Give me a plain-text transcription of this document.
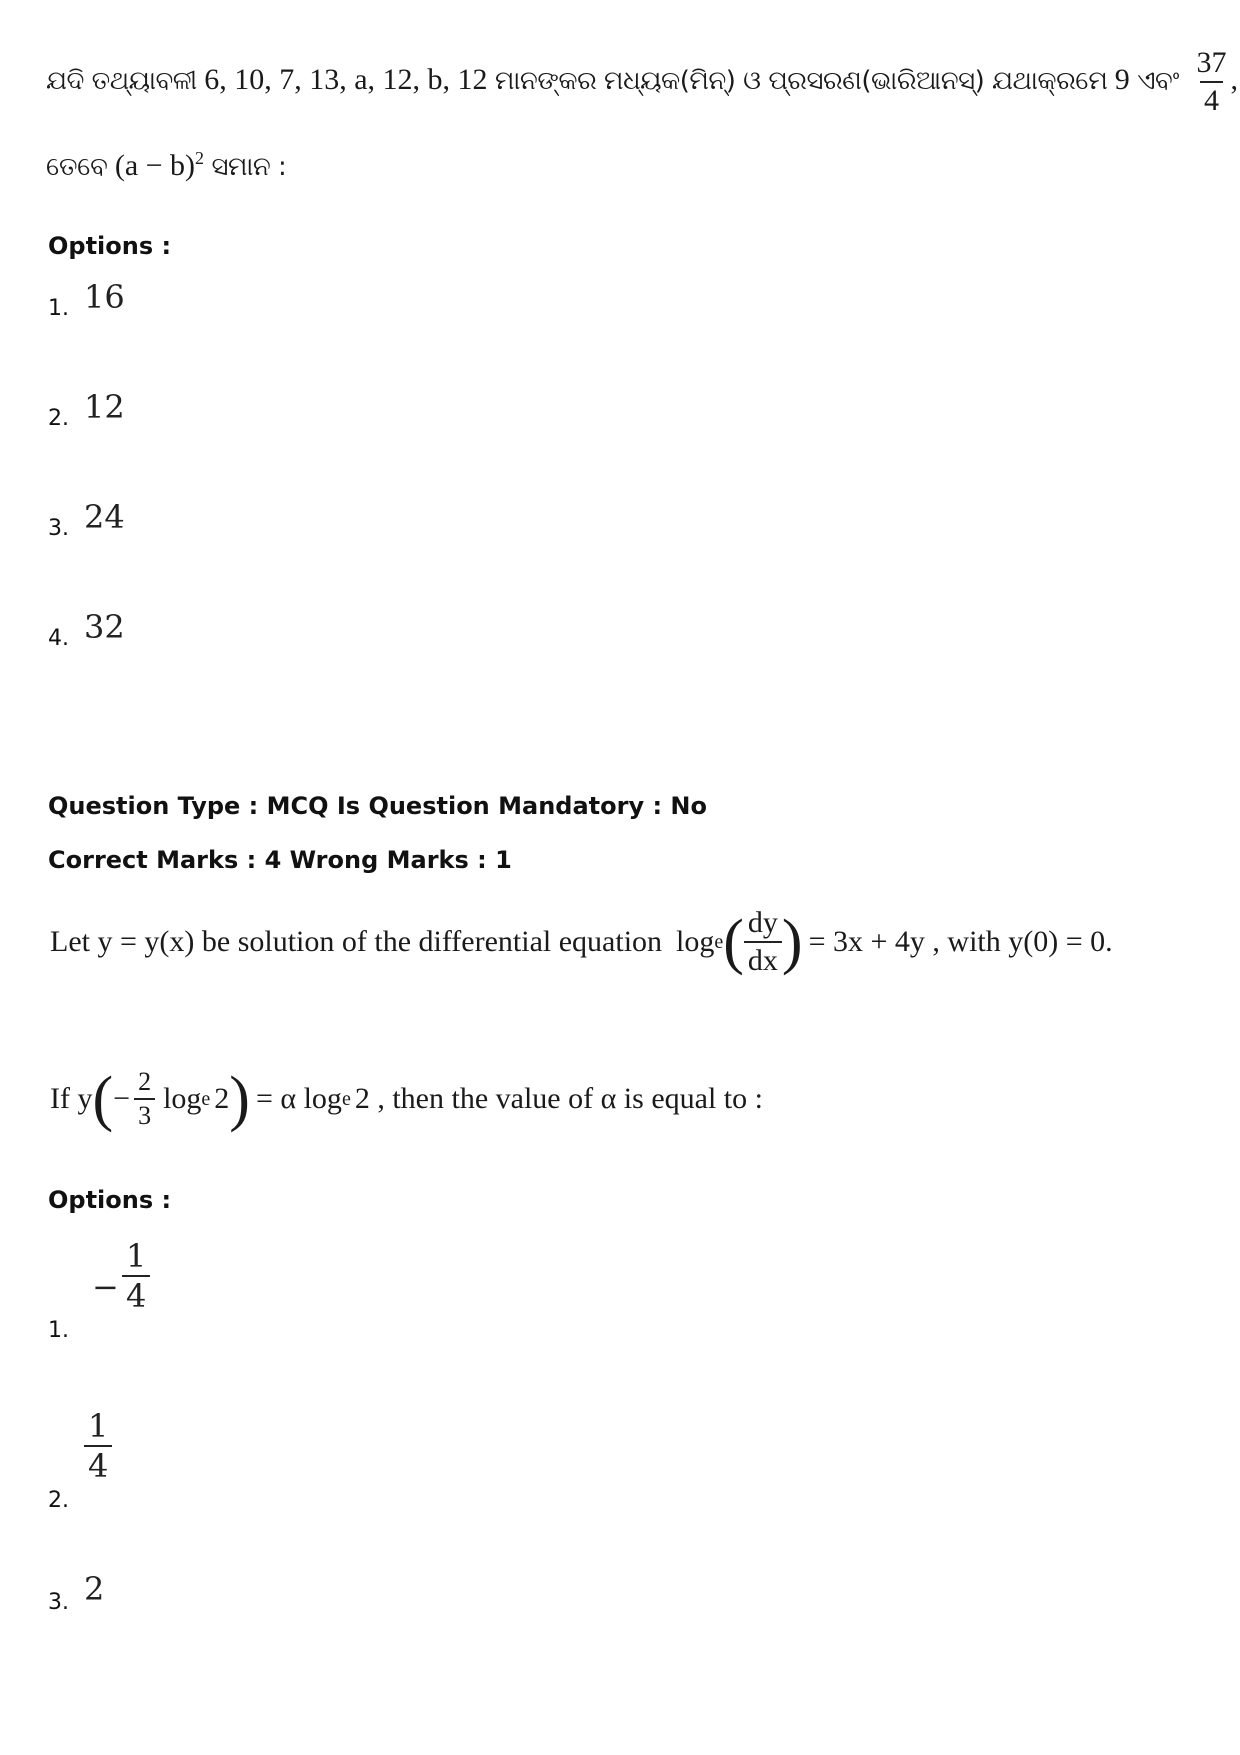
ଯଦି ତଥ୍ୟାବଳୀ 6, 10, 7, 13, a, 12, b, 12 ମାନଙ୍କର ମଧ୍ୟକ(ମିନ୍) ଓ ପ୍ରସରଣ(ଭାରିଆନସ୍) ଯଥାକ୍ରମେ 9 ଏବଂ $\frac{37}{4}$ ,
ତେବେ $(a - b)^2$ ସମାନ :
Options :
1. 16
2. 12
3. 24
4. 32
Question Type : MCQ Is Question Mandatory : No
Correct Marks : 4 Wrong Marks : 1
Let y = y(x) be solution of the differential equation log e ( $\frac{dy}{dx}$ ) = 3x + 4y , with y(0) = 0.
If y ( − $\frac{2}{3}$ log e 2 ) = α log e 2 , then the value of α is equal to :
Options :
1.
− $\frac{1}{4}$
2.
$\frac{1}{4}$
3. 2
